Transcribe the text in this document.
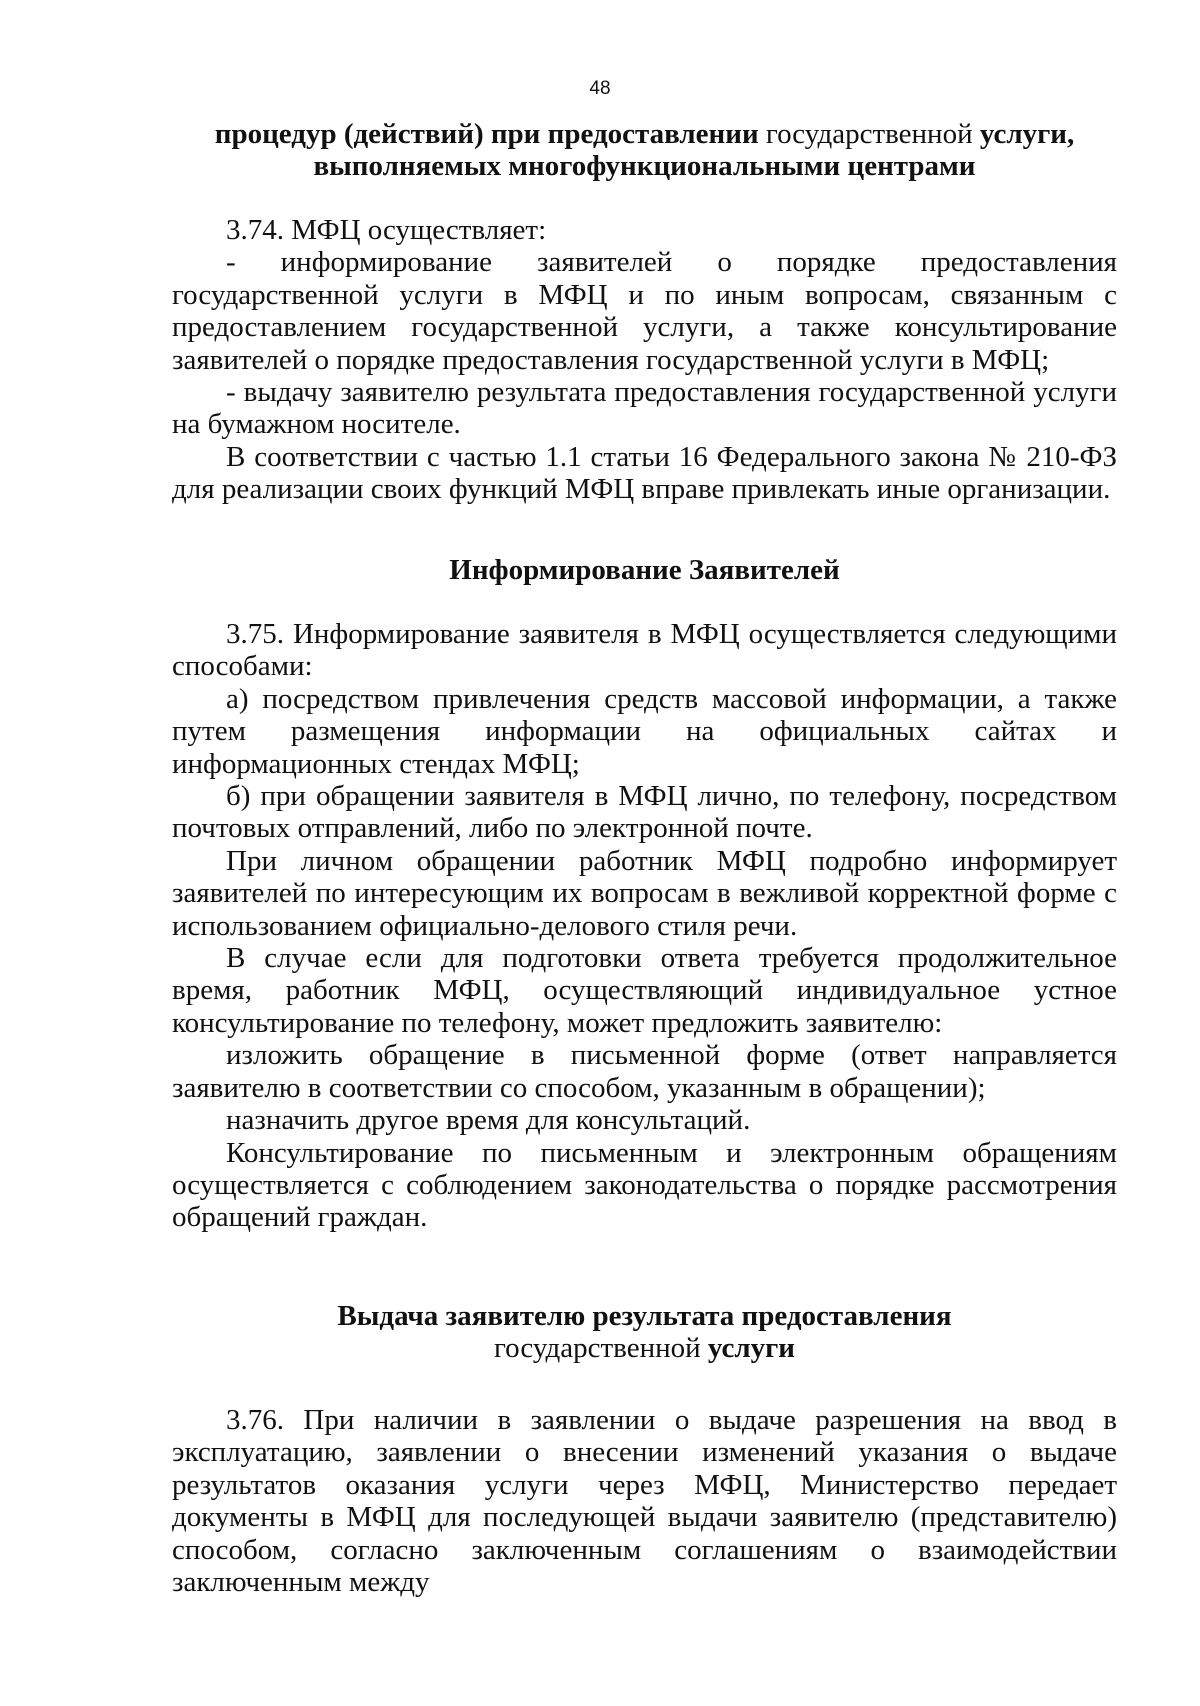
48
процедур (действий) при предоставлении государственной услуги,
выполняемых многофункциональными центрами

3.74. МФЦ осуществляет:

- информирование заявителей о порядке предоставления государственной услуги в МФЦ и по иным вопросам, связанным с предоставлением государственной услуги, а также консультирование заявителей о порядке предоставления государственной услуги в МФЦ;

- выдачу заявителю результата предоставления государственной услуги на бумажном носителе.

В соответствии с частью 1.1 статьи 16 Федерального закона № 210-ФЗ для реализации своих функций МФЦ вправе привлекать иные организации.

Информирование Заявителей

3.75. Информирование заявителя в МФЦ осуществляется следующими способами:

а) посредством привлечения средств массовой информации, а также путем размещения информации на официальных сайтах и информационных стендах МФЦ;

б) при обращении заявителя в МФЦ лично, по телефону, посредством почтовых отправлений, либо по электронной почте.

При личном обращении работник МФЦ подробно информирует заявителей по интересующим их вопросам в вежливой корректной форме с использованием официально-делового стиля речи.

В случае если для подготовки ответа требуется продолжительное время, работник МФЦ, осуществляющий индивидуальное устное консультирование по телефону, может предложить заявителю:

изложить обращение в письменной форме (ответ направляется заявителю в соответствии со способом, указанным в обращении);

назначить другое время для консультаций.

Консультирование по письменным и электронным обращениям осуществляется с соблюдением законодательства о порядке рассмотрения обращений граждан.

Выдача заявителю результата предоставления
государственной услуги

3.76. При наличии в заявлении о выдаче разрешения на ввод в эксплуатацию, заявлении о внесении изменений указания о выдаче результатов оказания услуги через МФЦ, Министерство передает документы в МФЦ для последующей выдачи заявителю (представителю) способом, согласно заключенным соглашениям о взаимодействии заключенным между
